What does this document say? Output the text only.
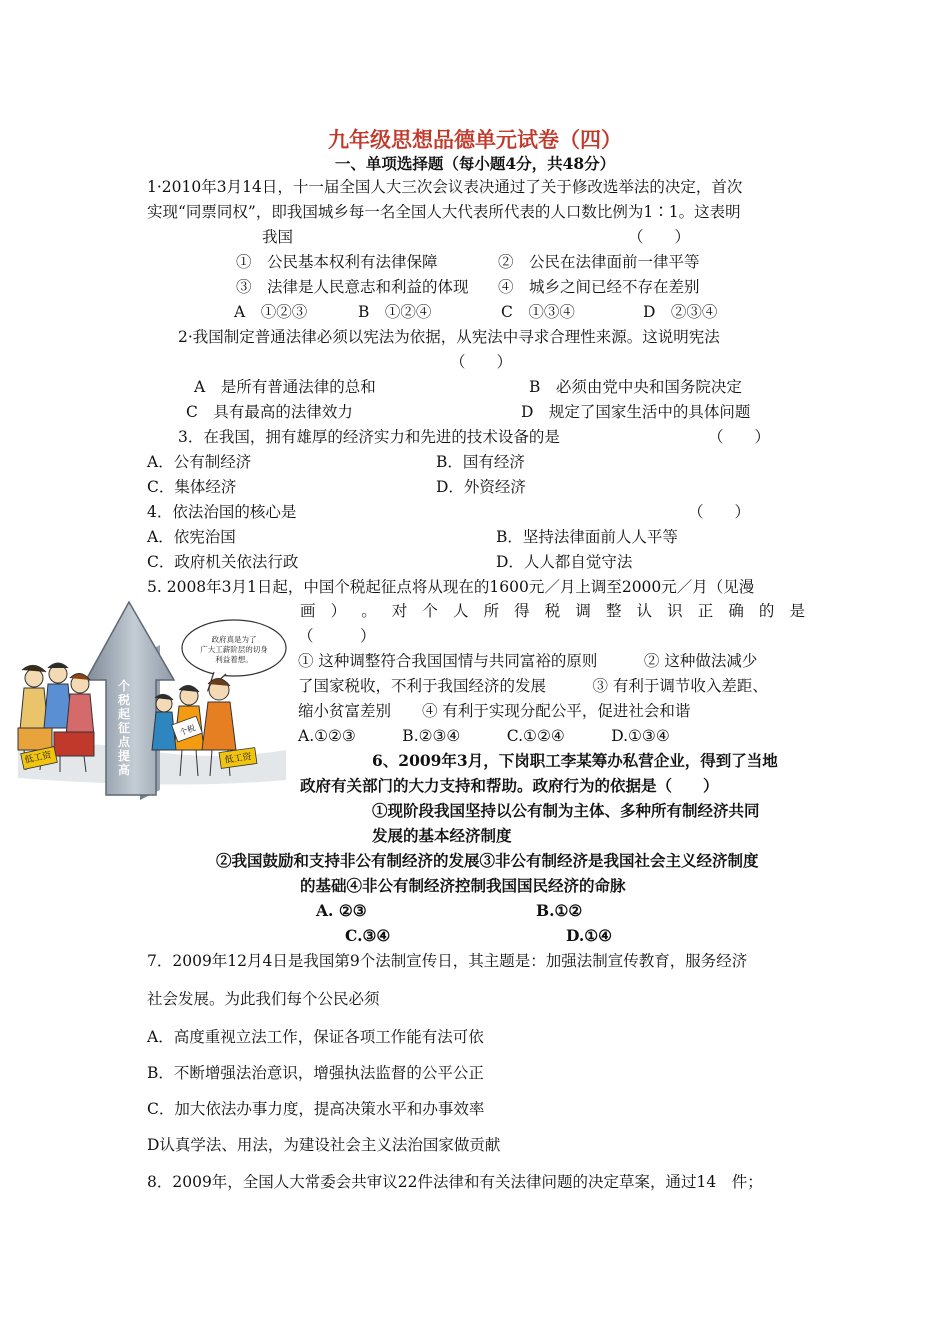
九年级思想品德单元试卷（四）
一、单项选择题（每小题4分，共48分）
1·2010年3月14日，十一届全国人大三次会议表决通过了关于修改选举法的决定，首次
实现“同票同权”，即我国城乡每一名全国人大代表所代表的人口数比例为1∶1。这表明
我国	（　　）
①　公民基本权利有法律保障	②　公民在法律面前一律平等
③　法律是人民意志和利益的体现 ④　城乡之间已经不存在差别
A　①②③	B　①②④	C　①③④	D　②③④
2·我国制定普通法律必须以宪法为依据，从宪法中寻求合理性来源。这说明宪法
（　　）
A　是所有普通法律的总和	B　必须由党中央和国务院决定
C　具有最高的法律效力	D　规定了国家生活中的具体问题
3．在我国，拥有雄厚的经济实力和先进的技术设备的是	（　　）
A．公有制经济	B．国有经济
C．集体经济	D．外资经济
4．依法治国的核心是	（　　）
A．依宪治国	B．坚持法律面前人人平等
C．政府机关依法行政	D．人人都自觉守法
5. 2008年3月1日起，中国个税起征点将从现在的1600元／月上调至2000元／月（见漫
画 ） 。 对 个 人 所 得 税 调 整 认 识 正 确 的 是
（　　　）
① 这种调整符合我国国情与共同富裕的原则　　　② 这种做法减少
了国家税收，不利于我国经济的发展　　　③ 有利于调节收入差距、
缩小贫富差别　　④ 有利于实现分配公平，促进社会和谐
A.①②③　　　B.②③④　　　C.①②④　　　D.①③④
个
税
起
征
点
提
高
政府真是为了
广大工薪阶层的切身
利益着想。
低工资
个税
低工资	6、2009年3月，下岗职工李某筹办私营企业，得到了当地
政府有关部门的大力支持和帮助。政府行为的依据是（　　）
①现阶段我国坚持以公有制为主体、多种所有制经济共同
发展的基本经济制度
②我国鼓励和支持非公有制经济的发展③非公有制经济是我国社会主义经济制度
的基础④非公有制经济控制我国国民经济的命脉
A. ②③	B.①②
C.③④	D.①④
7．2009年12月4日是我国第9个法制宣传日，其主题是：加强法制宣传教育，服务经济
社会发展。为此我们每个公民必须
A．高度重视立法工作，保证各项工作能有法可依
B．不断增强法治意识，增强执法监督的公平公正
C．加大依法办事力度，提高决策水平和办事效率
D认真学法、用法，为建设社会主义法治国家做贡献
8．2009年，全国人大常委会共审议22件法律和有关法律问题的决定草案，通过14　件；
